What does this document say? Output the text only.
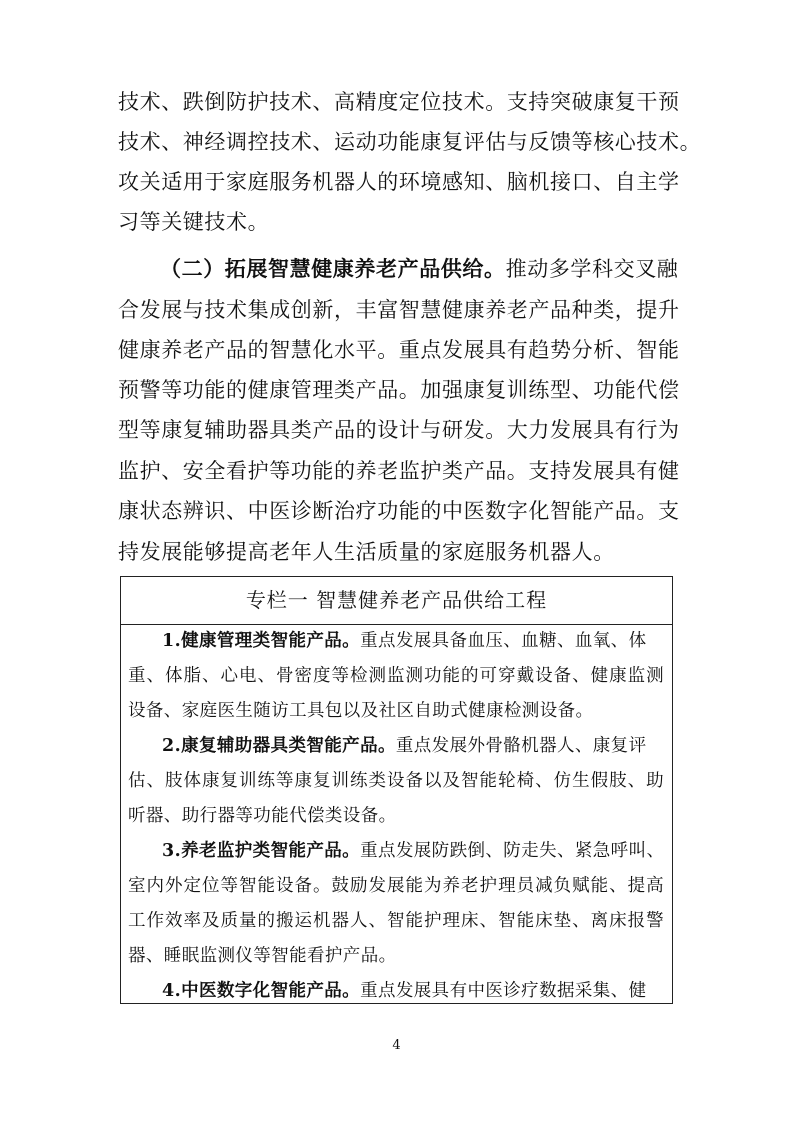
技术、跌倒防护技术、高精度定位技术。支持突破康复干预
技术、神经调控技术、运动功能康复评估与反馈等核心技术。
攻关适用于家庭服务机器人的环境感知、脑机接口、自主学
习等关键技术。
（二）拓展智慧健康养老产品供给。推动多学科交叉融
合发展与技术集成创新，丰富智慧健康养老产品种类，提升
健康养老产品的智慧化水平。重点发展具有趋势分析、智能
预警等功能的健康管理类产品。加强康复训练型、功能代偿
型等康复辅助器具类产品的设计与研发。大力发展具有行为
监护、安全看护等功能的养老监护类产品。支持发展具有健
康状态辨识、中医诊断治疗功能的中医数字化智能产品。支
持发展能够提高老年人生活质量的家庭服务机器人。
专栏一 智慧健养老产品供给工程
1.健康管理类智能产品。重点发展具备血压、血糖、血氧、体
重、体脂、心电、骨密度等检测监测功能的可穿戴设备、健康监测
设备、家庭医生随访工具包以及社区自助式健康检测设备。
2.康复辅助器具类智能产品。重点发展外骨骼机器人、康复评
估、肢体康复训练等康复训练类设备以及智能轮椅、仿生假肢、助
听器、助行器等功能代偿类设备。
3.养老监护类智能产品。重点发展防跌倒、防走失、紧急呼叫、
室内外定位等智能设备。鼓励发展能为养老护理员减负赋能、提高
工作效率及质量的搬运机器人、智能护理床、智能床垫、离床报警
器、睡眠监测仪等智能看护产品。
4.中医数字化智能产品。重点发展具有中医诊疗数据采集、健
4
